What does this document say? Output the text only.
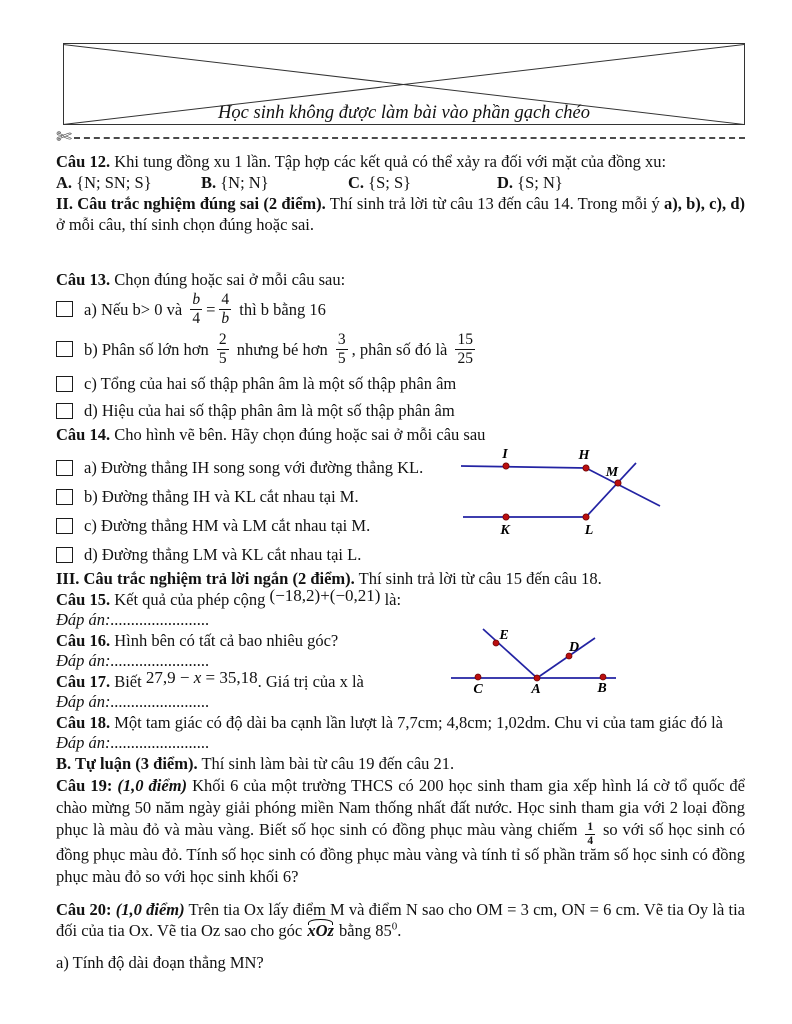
Học sinh không được làm bài vào phần gạch chéo
✄

Câu 12. Khi tung đồng xu 1 lần. Tập hợp các kết quả có thể xảy ra đối với mặt của đồng xu:

A. {N; SN; S}	B. {N; N}	C. {S; S}	D. {S; N}

II. Câu trắc nghiệm đúng sai (2 điểm). Thí sinh trả lời từ câu 13 đến câu 14. Trong mỗi ý a), b), c), d) ở mỗi câu, thí sinh chọn đúng hoặc sai.

Câu 13. Chọn đúng hoặc sai ở mỗi câu sau:

a) Nếu b> 0 và $\frac{b}{4} = \frac{4}{b}$ thì b bằng 16
b) Phân số lớn hơn $\frac{2}{5}$ nhưng bé hơn $\frac{3}{5}$ , phân số đó là $\frac{15}{25}$
c) Tổng của hai số thập phân âm là một số thập phân âm
d) Hiệu của hai số thập phân âm là một số thập phân âm

Câu 14. Cho hình vẽ bên. Hãy chọn đúng hoặc sai ở mỗi câu sau

a) Đường thẳng IH song song với đường thẳng KL.
b) Đường thẳng IH và KL cắt nhau tại M.
c) Đường thẳng HM và LM cắt nhau tại M.
d) Đường thẳng LM và KL cắt nhau tại L.

III. Câu trắc nghiệm trả lời ngắn (2 điểm). Thí sinh trả lời từ câu 15 đến câu 18.

Câu 15. Kết quả của phép cộng (−18,2)+(−0,21) là:

Đáp án:........................

Câu 16. Hình bên có tất cả bao nhiêu góc?

Đáp án:........................

Câu 17. Biết 27,9 − x = 35,18. Giá trị của x là

Đáp án:........................

Câu 18. Một tam giác có độ dài ba cạnh lần lượt là 7,7cm; 4,8cm; 1,02dm. Chu vi của tam giác đó là

Đáp án:........................

B. Tự luận (3 điểm). Thí sinh làm bài từ câu 19 đến câu 21.

Câu 19: (1,0 điểm) Khối 6 của một trường THCS có 200 học sinh tham gia xếp hình lá cờ tổ quốc để chào mừng 50 năm ngày giải phóng miền Nam thống nhất đất nước. Học sinh tham gia với 2 loại đồng phục là màu đỏ và màu vàng. Biết số học sinh có đồng phục màu vàng chiếm $\frac{1}{4}$ so với số học sinh có đồng phục màu đỏ. Tính số học sinh có đồng phục màu vàng và tính tỉ số phần trăm số học sinh có đồng phục màu đỏ so với học sinh khối 6?

Câu 20: (1,0 điểm) Trên tia Ox lấy điểm M và điểm N sao cho OM = 3 cm, ON = 6 cm. Vẽ tia Oy là tia đối của tia Ox. Vẽ tia Oz sao cho góc xOz bằng $85^0$.

a) Tính độ dài đoạn thẳng MN?

I	H
M
K	L
E
D
C	A	B
